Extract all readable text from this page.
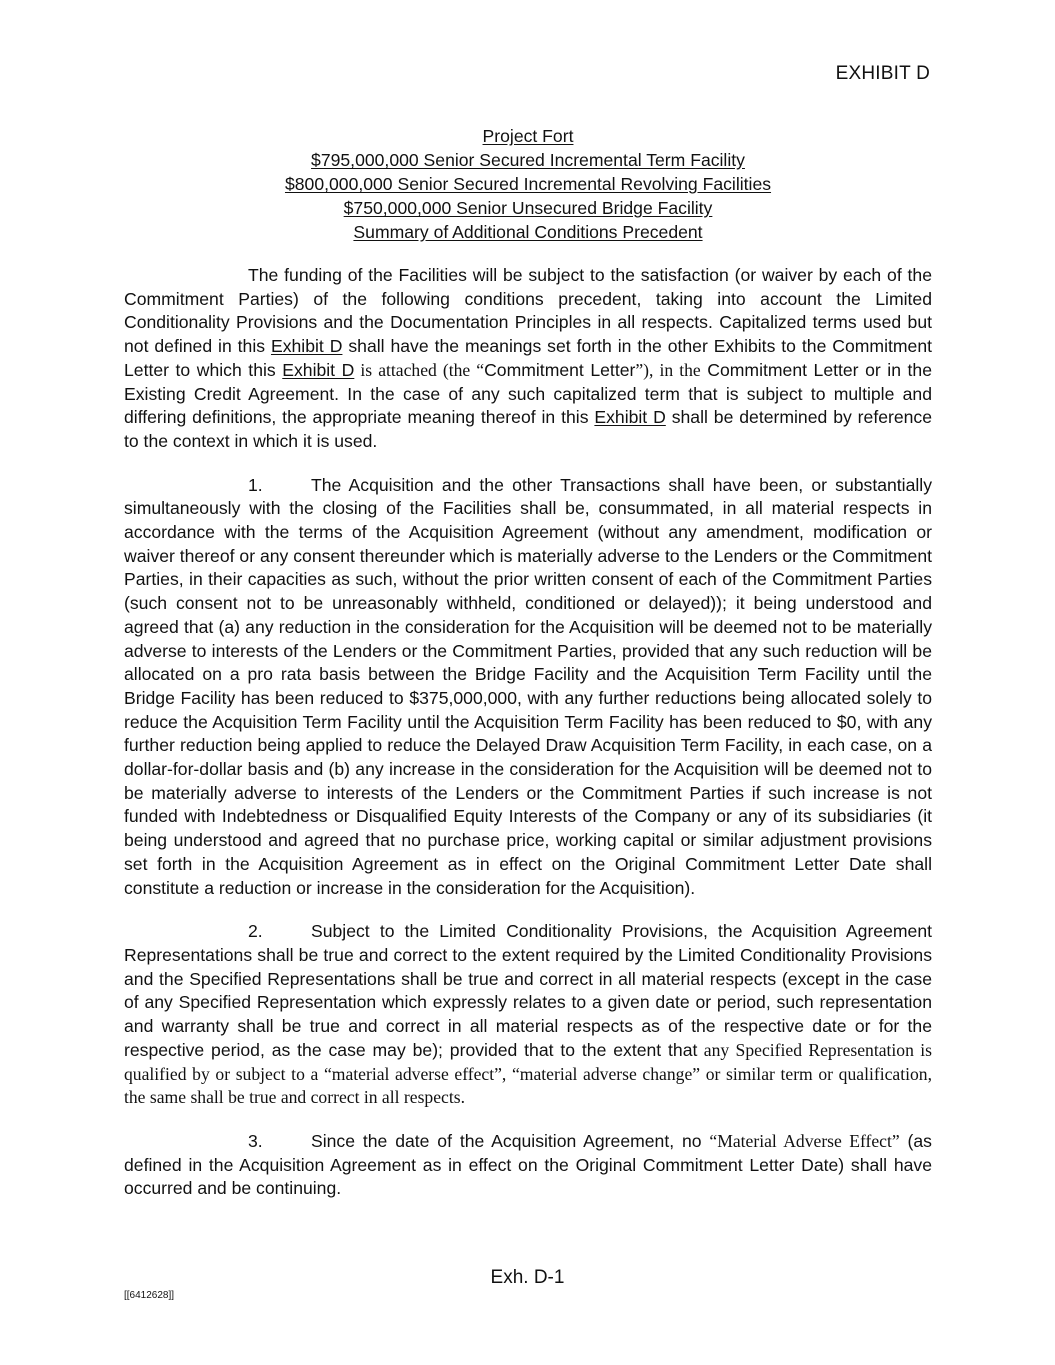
EXHIBIT D
Project Fort
$795,000,000 Senior Secured Incremental Term Facility
$800,000,000 Senior Secured Incremental Revolving Facilities
$750,000,000 Senior Unsecured Bridge Facility
Summary of Additional Conditions Precedent

The funding of the Facilities will be subject to the satisfaction (or waiver by each of the Commitment Parties) of the following conditions precedent, taking into account the Limited Conditionality Provisions and the Documentation Principles in all respects. Capitalized terms used but not defined in this Exhibit D shall have the meanings set forth in the other Exhibits to the Commitment Letter to which this Exhibit D is attached (the “Commitment Letter”), in the Commitment Letter or in the Existing Credit Agreement. In the case of any such capitalized term that is subject to multiple and differing definitions, the appropriate meaning thereof in this Exhibit D shall be determined by reference to the context in which it is used.

1.	The Acquisition and the other Transactions shall have been, or substantially simultaneously with the closing of the Facilities shall be, consummated, in all material respects in accordance with the terms of the Acquisition Agreement (without any amendment, modification or waiver thereof or any consent thereunder which is materially adverse to the Lenders or the Commitment Parties, in their capacities as such, without the prior written consent of each of the Commitment Parties (such consent not to be unreasonably withheld, conditioned or delayed)); it being understood and agreed that (a) any reduction in the consideration for the Acquisition will be deemed not to be materially adverse to interests of the Lenders or the Commitment Parties, provided that any such reduction will be allocated on a pro rata basis between the Bridge Facility and the Acquisition Term Facility until the Bridge Facility has been reduced to $375,000,000, with any further reductions being allocated solely to reduce the Acquisition Term Facility until the Acquisition Term Facility has been reduced to $0, with any further reduction being applied to reduce the Delayed Draw Acquisition Term Facility, in each case, on a dollar-for-dollar basis and (b) any increase in the consideration for the Acquisition will be deemed not to be materially adverse to interests of the Lenders or the Commitment Parties if such increase is not funded with Indebtedness or Disqualified Equity Interests of the Company or any of its subsidiaries (it being understood and agreed that no purchase price, working capital or similar adjustment provisions set forth in the Acquisition Agreement as in effect on the Original Commitment Letter Date shall constitute a reduction or increase in the consideration for the Acquisition).

2.	Subject to the Limited Conditionality Provisions, the Acquisition Agreement Representations shall be true and correct to the extent required by the Limited Conditionality Provisions and the Specified Representations shall be true and correct in all material respects (except in the case of any Specified Representation which expressly relates to a given date or period, such representation and warranty shall be true and correct in all material respects as of the respective date or for the respective period, as the case may be); provided that to the extent that any Specified Representation is qualified by or subject to a “material adverse effect”, “material adverse change” or similar term or qualification, the same shall be true and correct in all respects.

3.	Since the date of the Acquisition Agreement, no “Material Adverse Effect” (as defined in the Acquisition Agreement as in effect on the Original Commitment Letter Date) shall have occurred and be continuing.

Exh. D-1
[[6412628]]
